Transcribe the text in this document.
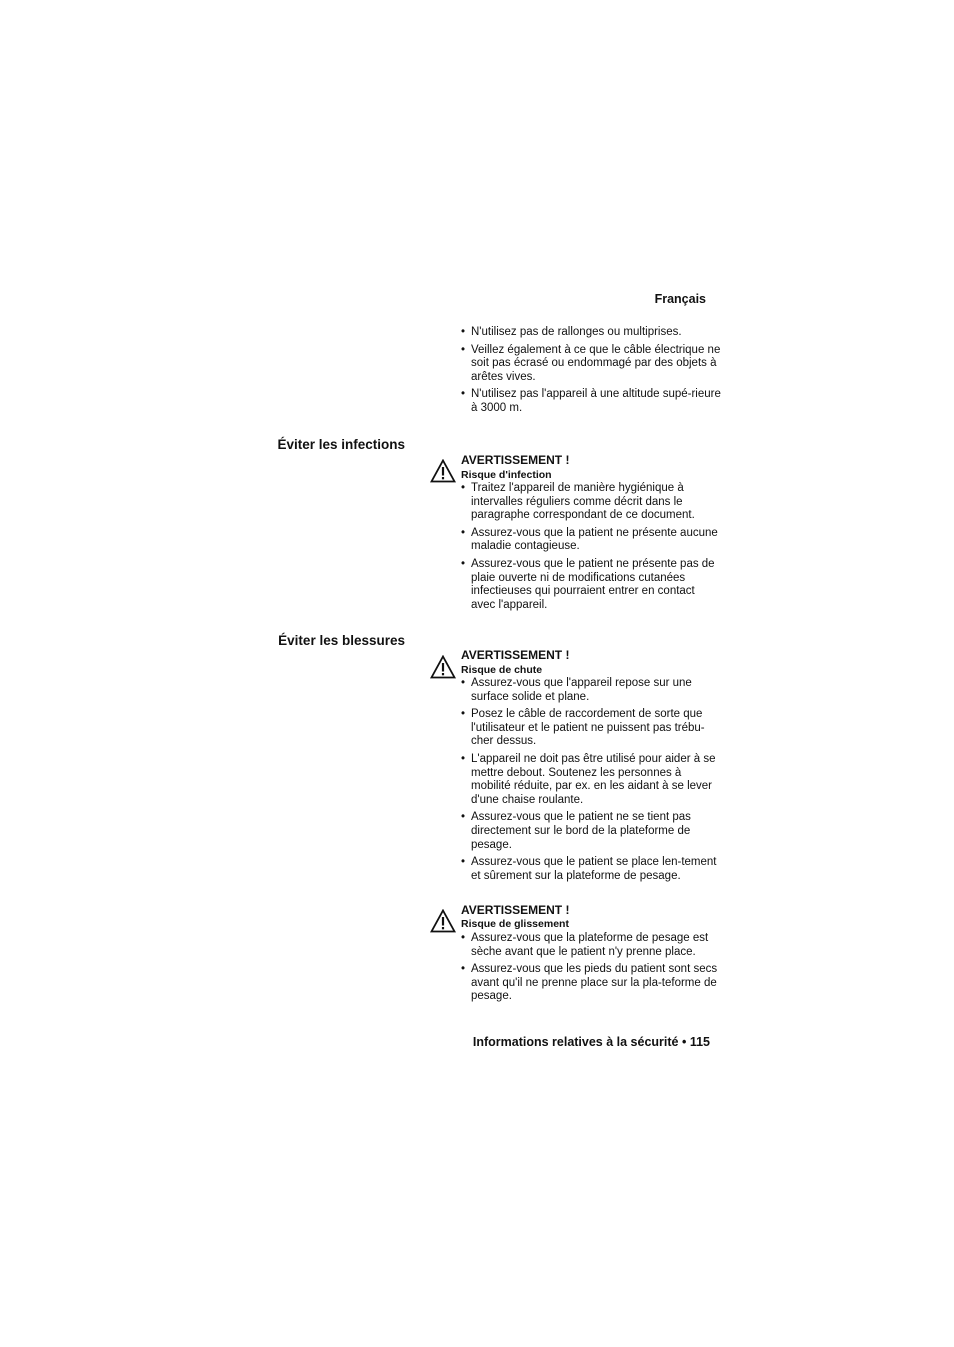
Français
• N'utilisez pas de rallonges ou multiprises.
• Veillez également à ce que le câble électrique ne soit pas écrasé ou endommagé par des objets à arêtes vives.
• N'utilisez pas l'appareil à une altitude supé-rieure à 3000 m.
Éviter les infections
AVERTISSEMENT !
Risque d'infection
• Traitez l'appareil de manière hygiénique à intervalles réguliers comme décrit dans le paragraphe correspondant de ce document.
• Assurez-vous que la patient ne présente aucune maladie contagieuse.
• Assurez-vous que le patient ne présente pas de plaie ouverte ni de modifications cutanées infectieuses qui pourraient entrer en contact avec l'appareil.
Éviter les blessures
AVERTISSEMENT !
Risque de chute
• Assurez-vous que l'appareil repose sur une surface solide et plane.
• Posez le câble de raccordement de sorte que l'utilisateur et le patient ne puissent pas trébu-cher dessus.
• L'appareil ne doit pas être utilisé pour aider à se mettre debout. Soutenez les personnes à mobilité réduite, par ex. en les aidant à se lever d'une chaise roulante.
• Assurez-vous que le patient ne se tient pas directement sur le bord de la plateforme de pesage.
• Assurez-vous que le patient se place len-tement et sûrement sur la plateforme de pesage.
AVERTISSEMENT !
Risque de glissement
• Assurez-vous que la plateforme de pesage est sèche avant que le patient n'y prenne place.
• Assurez-vous que les pieds du patient sont secs avant qu'il ne prenne place sur la pla-teforme de pesage.
Informations relatives à la sécurité • 115
